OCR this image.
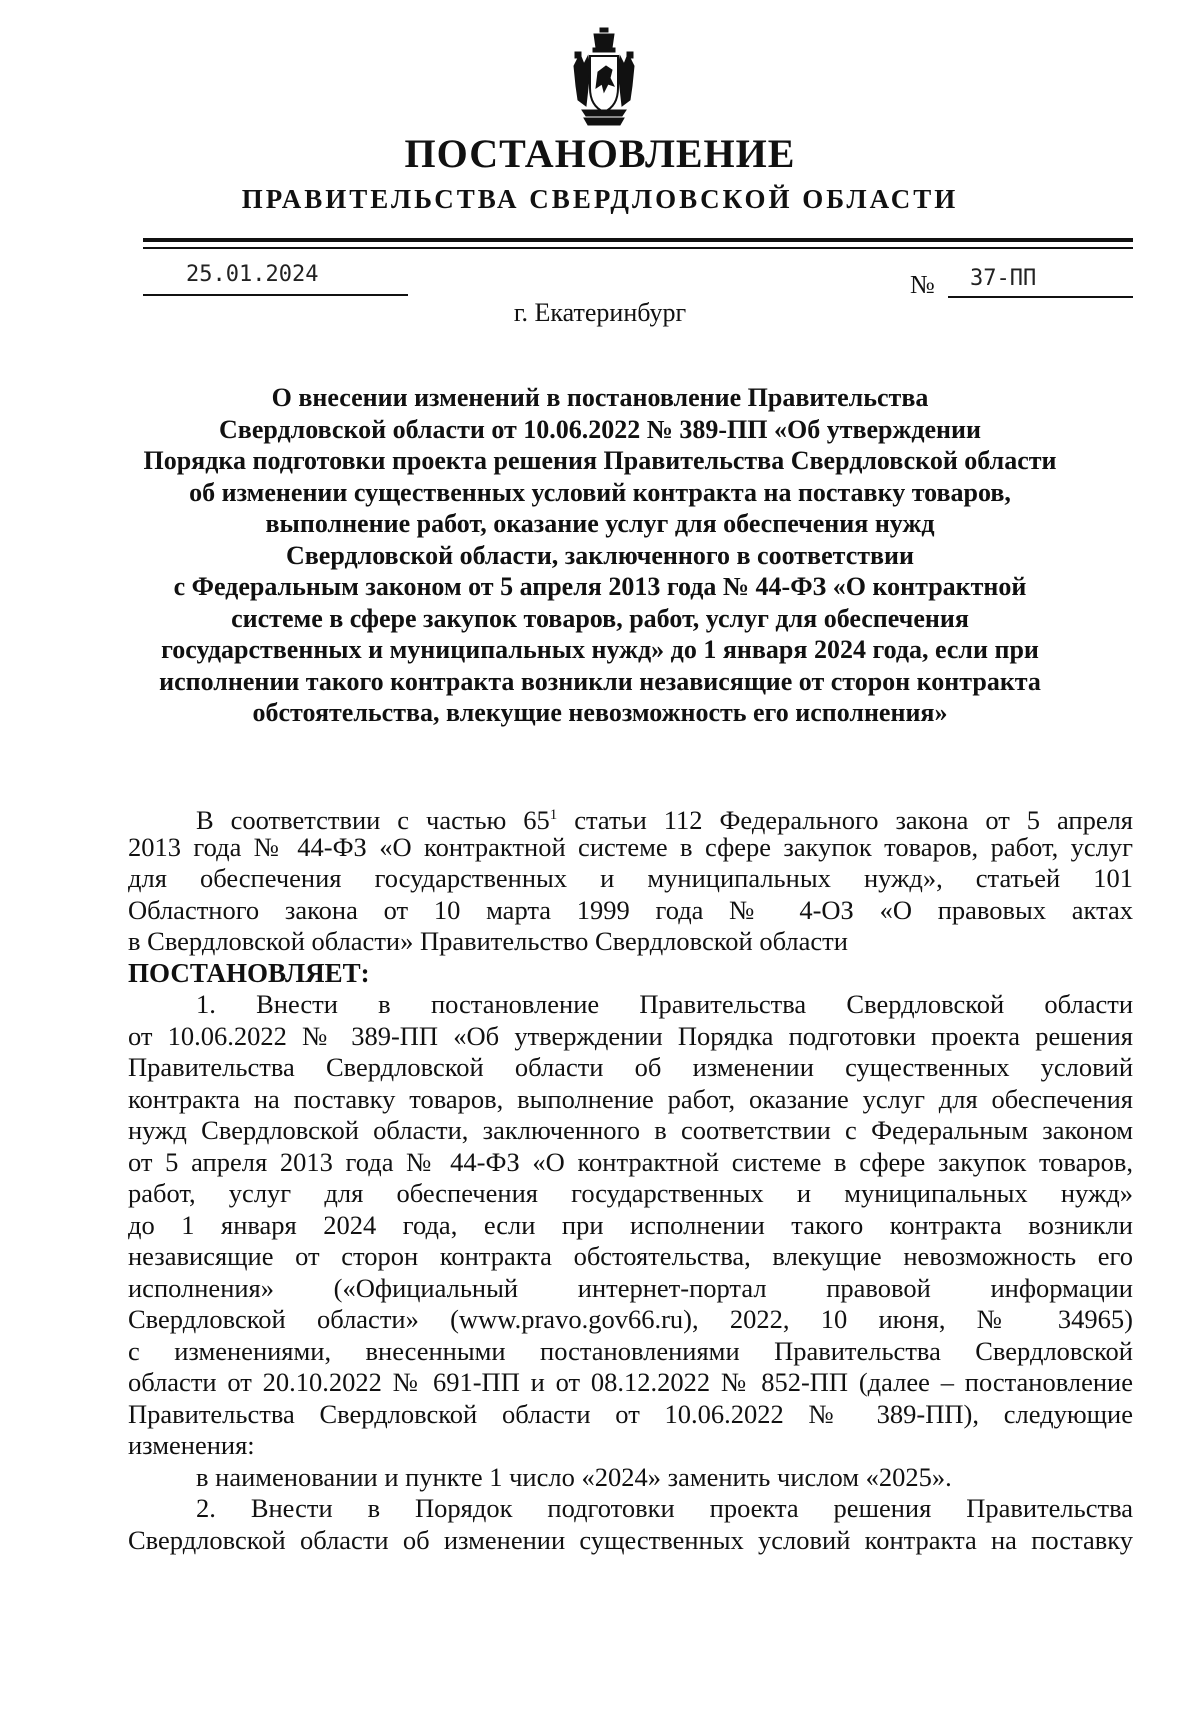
ПОСТАНОВЛЕНИЕ
ПРАВИТЕЛЬСТВА СВЕРДЛОВСКОЙ ОБЛАСТИ
25.01.2024	№ 37-ПП
г. Екатеринбург
О внесении изменений в постановление Правительства
Свердловской области от 10.06.2022 № 389-ПП «Об утверждении
Порядка подготовки проекта решения Правительства Свердловской области
об изменении существенных условий контракта на поставку товаров,
выполнение работ, оказание услуг для обеспечения нужд
Свердловской области, заключенного в соответствии
с Федеральным законом от 5 апреля 2013 года № 44-ФЗ «О контрактной
системе в сфере закупок товаров, работ, услуг для обеспечения
государственных и муниципальных нужд» до 1 января 2024 года, если при
исполнении такого контракта возникли независящие от сторон контракта
обстоятельства, влекущие невозможность его исполнения»
В соответствии с частью $65^1$ статьи 112 Федерального закона от 5 апреля
2013 года № 44-ФЗ «О контрактной системе в сфере закупок товаров, работ, услуг
для обеспечения государственных и муниципальных нужд», статьей 101
Областного закона от 10 марта 1999 года № 4-ОЗ «О правовых актах
в Свердловской области» Правительство Свердловской области
ПОСТАНОВЛЯЕТ:
1. Внести в постановление Правительства Свердловской области
от 10.06.2022 № 389-ПП «Об утверждении Порядка подготовки проекта решения
Правительства Свердловской области об изменении существенных условий
контракта на поставку товаров, выполнение работ, оказание услуг для обеспечения
нужд Свердловской области, заключенного в соответствии с Федеральным законом
от 5 апреля 2013 года № 44-ФЗ «О контрактной системе в сфере закупок товаров,
работ, услуг для обеспечения государственных и муниципальных нужд»
до 1 января 2024 года, если при исполнении такого контракта возникли
независящие от сторон контракта обстоятельства, влекущие невозможность его
исполнения» («Официальный интернет-портал правовой информации
Свердловской области» (www.pravo.gov66.ru), 2022, 10 июня, № 34965)
с изменениями, внесенными постановлениями Правительства Свердловской
области от 20.10.2022 № 691-ПП и от 08.12.2022 № 852-ПП (далее – постановление
Правительства Свердловской области от 10.06.2022 № 389-ПП), следующие
изменения:
в наименовании и пункте 1 число «2024» заменить числом «2025».
2. Внести в Порядок подготовки проекта решения Правительства
Свердловской области об изменении существенных условий контракта на поставку
